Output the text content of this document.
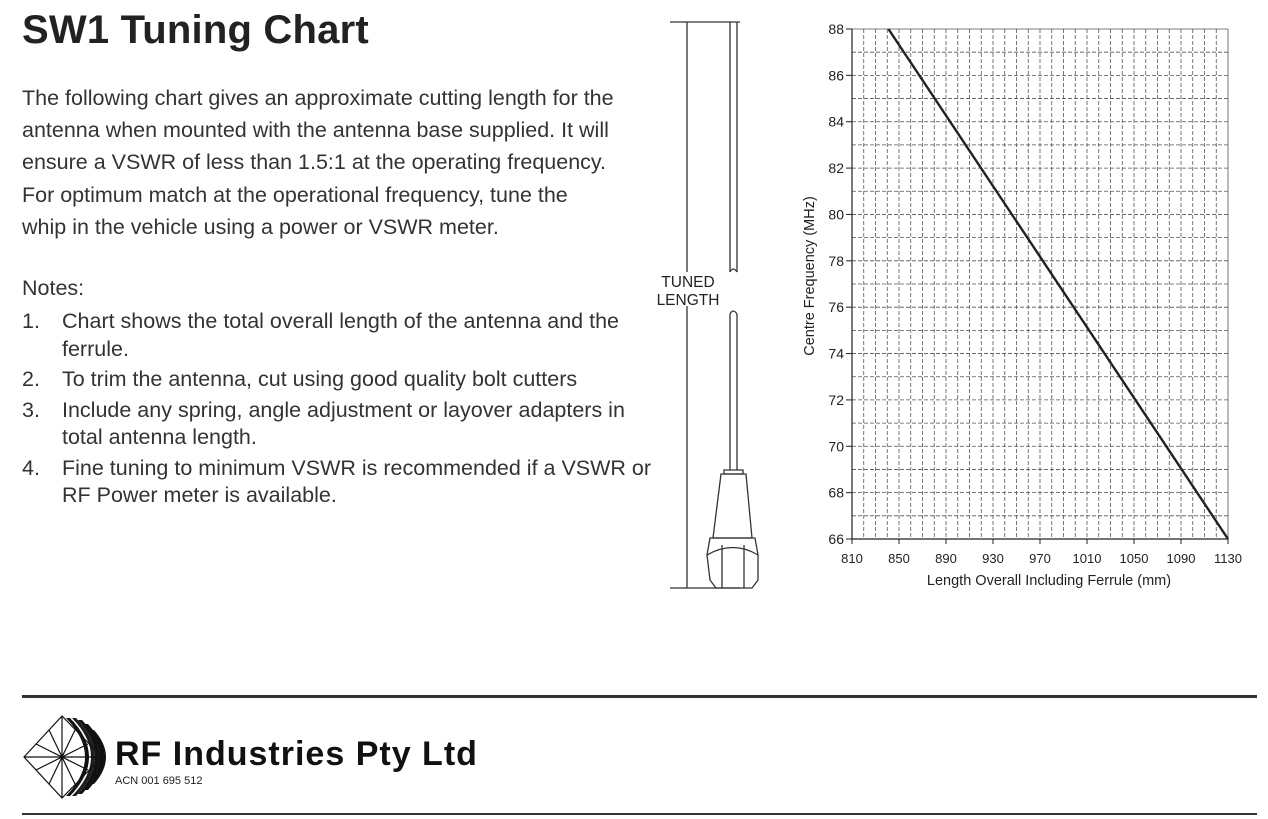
SW1 Tuning Chart
The following chart gives an approximate cutting length for the
antenna when mounted with the antenna base supplied. It will
ensure a VSWR of less than 1.5:1 at the operating frequency.
For optimum match at the operational frequency, tune the
whip in the vehicle using a power or VSWR meter.
Notes:
1.	Chart shows the total overall length of the antenna and the ferrule.
2.	To trim the antenna, cut using good quality bolt cutters
3.	Include any spring, angle adjustment or layover adapters in total antenna length.
4.	Fine tuning to minimum VSWR is recommended if a VSWR or RF Power meter is available.
TUNED
LENGTH
810 850 890 930 970 1010 1050 1090 1130
66
68
70
72
74
76
78
80
82
84
86
88
Length Overall Including Ferrule (mm)
Centre Frequency (MHz)
RF Industries Pty Ltd
ACN 001 695 512
